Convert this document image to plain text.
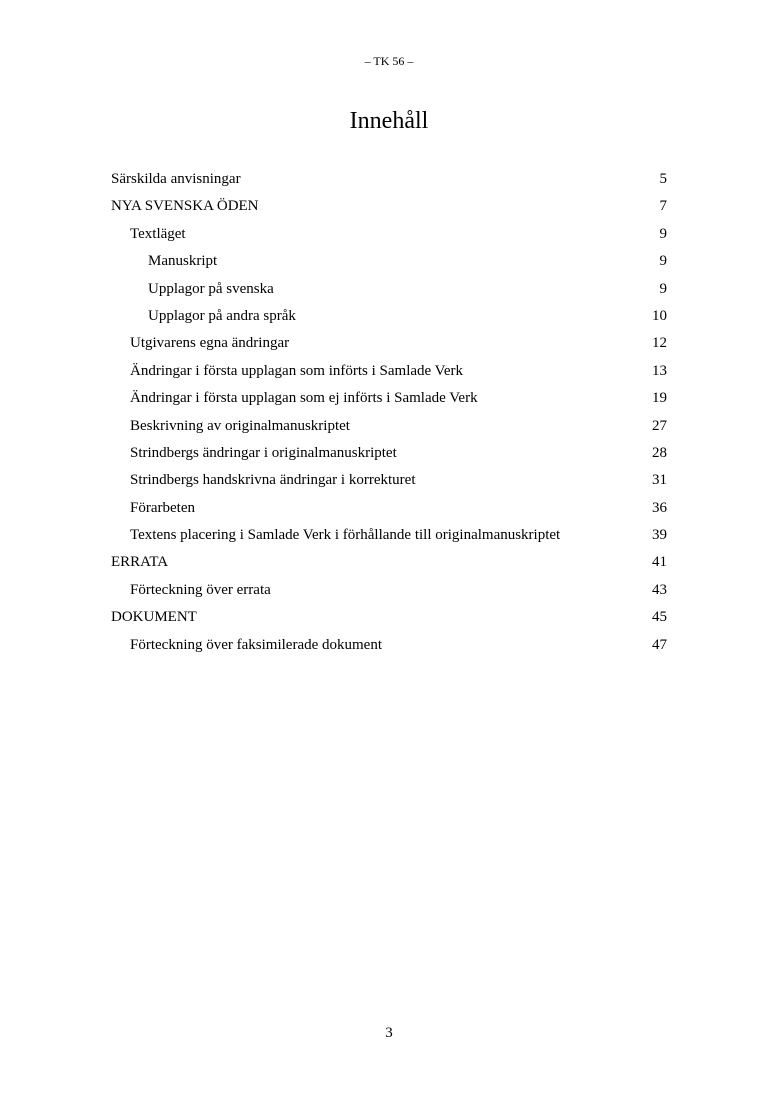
– TK 56 –
Innehåll
Särskilda anvisningar	5
NYA SVENSKA ÖDEN	7
Textläget	9
Manuskript	9
Upplagor på svenska	9
Upplagor på andra språk	10
Utgivarens egna ändringar	12
Ändringar i första upplagan som införts i Samlade Verk	13
Ändringar i första upplagan som ej införts i Samlade Verk	19
Beskrivning av originalmanuskriptet	27
Strindbergs ändringar i originalmanuskriptet	28
Strindbergs handskrivna ändringar i korrekturet	31
Förarbeten	36
Textens placering i Samlade Verk i förhållande till originalmanuskriptet	39
ERRATA	41
Förteckning över errata	43
DOKUMENT	45
Förteckning över faksimilerade dokument	47
3
